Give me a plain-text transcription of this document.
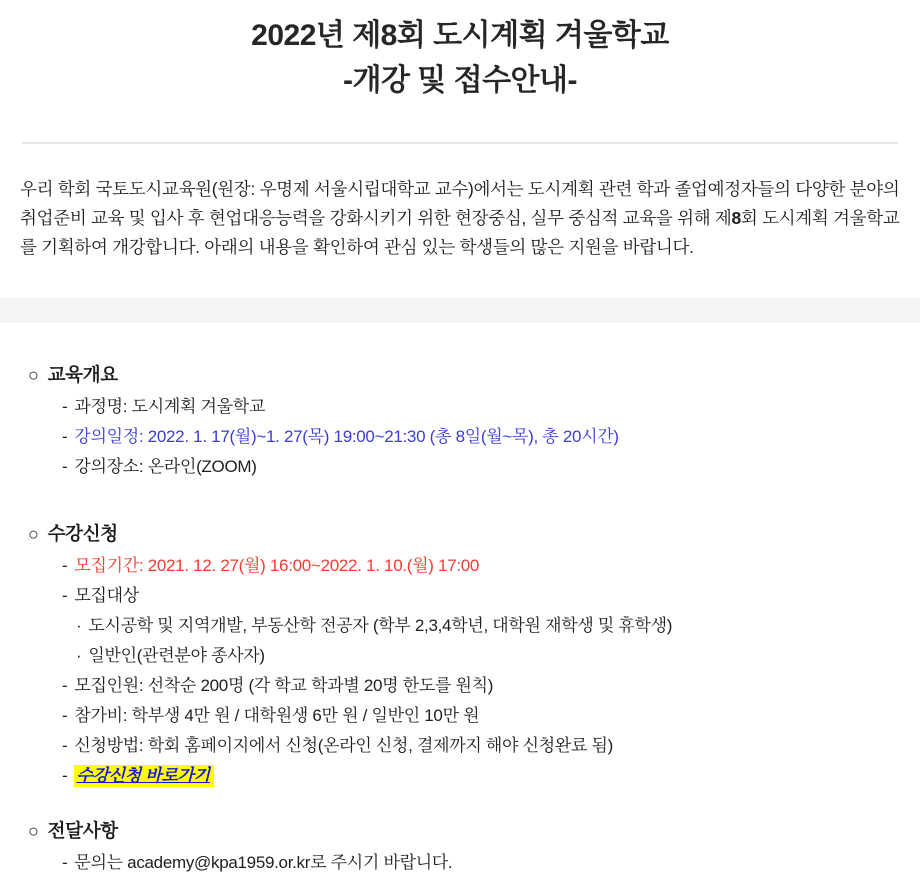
2022년 제8회 도시계획 겨울학교
-개강 및 접수안내-

우리 학회 국토도시교육원(원장: 우명제 서울시립대학교 교수)에서는 도시계획 관련 학과 졸업예정자들의 다양한 분야의 취업준비 교육 및 입사 후 현업대응능력을 강화시키기 위한 현장중심, 실무 중심적 교육을 위해 제8회 도시계획 겨울학교를 기획하여 개강합니다. 아래의 내용을 확인하여 관심 있는 학생들의 많은 지원을 바랍니다.

○ 교육개요
- 과정명: 도시계획 겨울학교
- 강의일정: 2022. 1. 17(월)~1. 27(목) 19:00~21:30 (총 8일(월~목), 총 20시간)
- 강의장소: 온라인(ZOOM)
○ 수강신청
- 모집기간: 2021. 12. 27(월) 16:00~2022. 1. 10.(월) 17:00
- 모집대상
· 도시공학 및 지역개발, 부동산학 전공자 (학부 2,3,4학년, 대학원 재학생 및 휴학생)
· 일반인(관련분야 종사자)
- 모집인원: 선착순 200명 (각 학교 학과별 20명 한도를 원칙)
- 참가비: 학부생 4만 원 / 대학원생 6만 원 / 일반인 10만 원
- 신청방법: 학회 홈페이지에서 신청(온라인 신청, 결제까지 해야 신청완료 됨)
- 수강신청 바로가기
○ 전달사항
- 문의는 academy@kpa1959.or.kr로 주시기 바랍니다.
